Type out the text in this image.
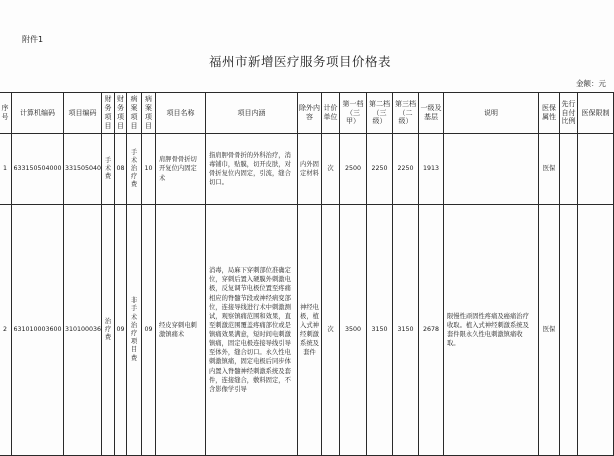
附件1
福州市新增医疗服务项目价格表
金额：元
序号	计算机编码	项目编码	财务项目	财务项目	病案项目	病案项目	项目名称	项目内涵	除外内容	计价单位	第一档（三甲）	第二档（三级）	第三档（二级）	一级及基层	说明	医保属性	先行自付比例	医保限制
1	633150504000	331505040	手术费	08	手术治疗费	10	肩胛骨骨折切开复位内固定术	指肩胛骨骨折的外科治疗，消毒铺巾，贴膜，切开皮肤，对骨折复位内固定，引流，缝合切口。	内外固定材料	次	2500	2250	2250	1913		医保		
2	631010003600	310100036	治疗费	09	非手术治疗项目费	09	经皮穿刺电刺激镇痛术	消毒，局麻下穿刺部位准确定位，穿刺后置入硬膜外刺激电极，反复调节电极位置至疼痛相应的脊髓节段或神经病变部位，连接导线进行术中刺激测试，观察镇痛范围和效果，直至刺激范围覆盖疼痛部位或是镇痛效果满意，短时间电刺激镇痛，固定电极连接导线引导至体外，缝合切口。永久性电刺激镇痛，固定电极后同步体内置入脊髓神经刺激系统及套件，连接缝合，敷料固定，不含影像学引导	神经电极，植入式神经刺激系统及套件	次	3500	3150	3150	2678	限慢性顽固性疼痛及癌痛治疗收取。植入式神经刺激系统及套件限永久性电刺激镇痛收取。	医保		
